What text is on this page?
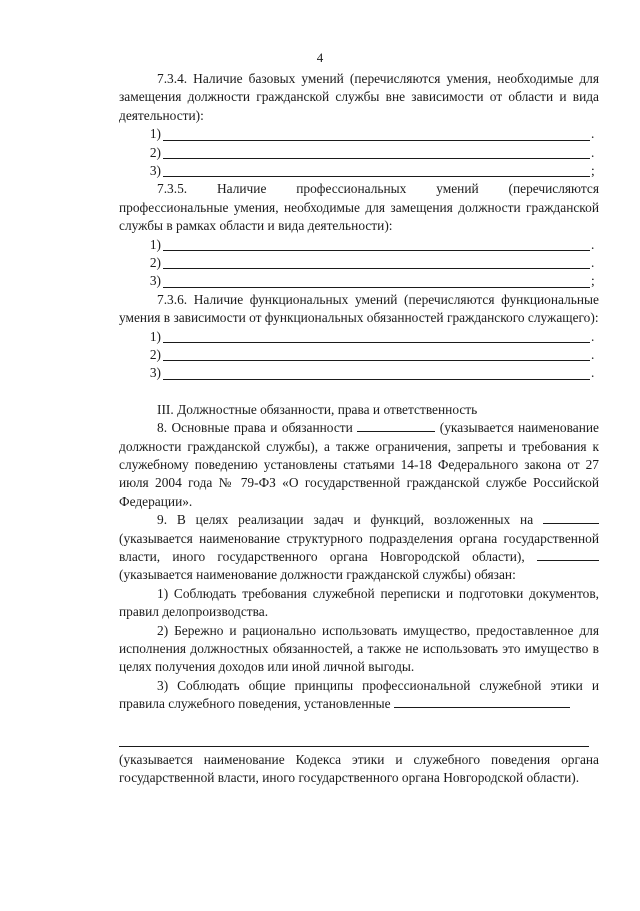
4

7.3.4. Наличие базовых умений (перечисляются умения, необходимые для замещения должности гражданской службы вне зависимости от области и вида деятельности):

1)	.
2)	.
3)	;

7.3.5. Наличие профессиональных умений (перечисляются профессиональные умения, необходимые для замещения должности гражданской службы в рамках области и вида деятельности):

1)	.
2)	.
3)	;

7.3.6. Наличие функциональных умений (перечисляются функциональные умения в зависимости от функциональных обязанностей гражданского служащего):

1)	.
2)	.
3)	.

III. Должностные обязанности, права и ответственность

8. Основные права и обязанности	(указывается наименование должности гражданской службы), а также ограничения, запреты и требования к служебному поведению установлены статьями 14-18 Федерального закона от 27 июля 2004 года № 79-ФЗ «О государственной гражданской службе Российской Федерации».

9. В целях реализации задач и функций, возложенных на  (указывается наименование структурного подразделения органа государственной власти, иного государственного органа Новгородской области),  (указывается наименование должности гражданской службы) обязан:

1) Соблюдать требования служебной переписки и подготовки документов, правил делопроизводства.

2) Бережно и рационально использовать имущество, предоставленное для исполнения должностных обязанностей, а также не использовать это имущество в целях получения доходов или иной личной выгоды.

3) Соблюдать общие принципы профессиональной служебной этики и правила служебного поведения, установленные

(указывается наименование Кодекса этики и служебного поведения органа государственной власти, иного государственного органа Новгородской области).
